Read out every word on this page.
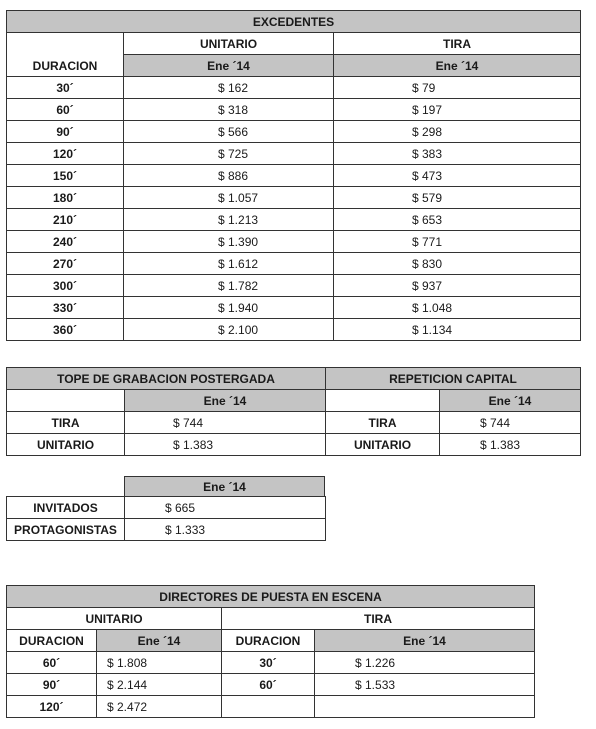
EXCEDENTES		
DURACION	UNITARIO	TIRA
	Ene ´14	Ene ´14
30´	$ 162	$ 79
60´	$ 318	$ 197
90´	$ 566	$ 298
120´	$ 725	$ 383
150´	$ 886	$ 473
180´	$ 1.057	$ 579
210´	$ 1.213	$ 653
240´	$ 1.390	$ 771
270´	$ 1.612	$ 830
300´	$ 1.782	$ 937
330´	$ 1.940	$ 1.048
360´	$ 2.100	$ 1.134
TOPE DE GRABACION POSTERGADA	
	Ene ´14
TIRA	$ 744
UNITARIO	$ 1.383
REPETICION CAPITAL	
	Ene ´14
TIRA	$ 744
UNITARIO	$ 1.383
Ene ´14
INVITADOS	$ 665
PROTAGONISTAS	$ 1.333
DIRECTORES DE PUESTA EN ESCENA			
UNITARIO		TIRA	
DURACION	Ene ´14	DURACION	Ene ´14
60´	$ 1.808	30´	$ 1.226
90´	$ 2.144	60´	$ 1.533
120´	$ 2.472		
